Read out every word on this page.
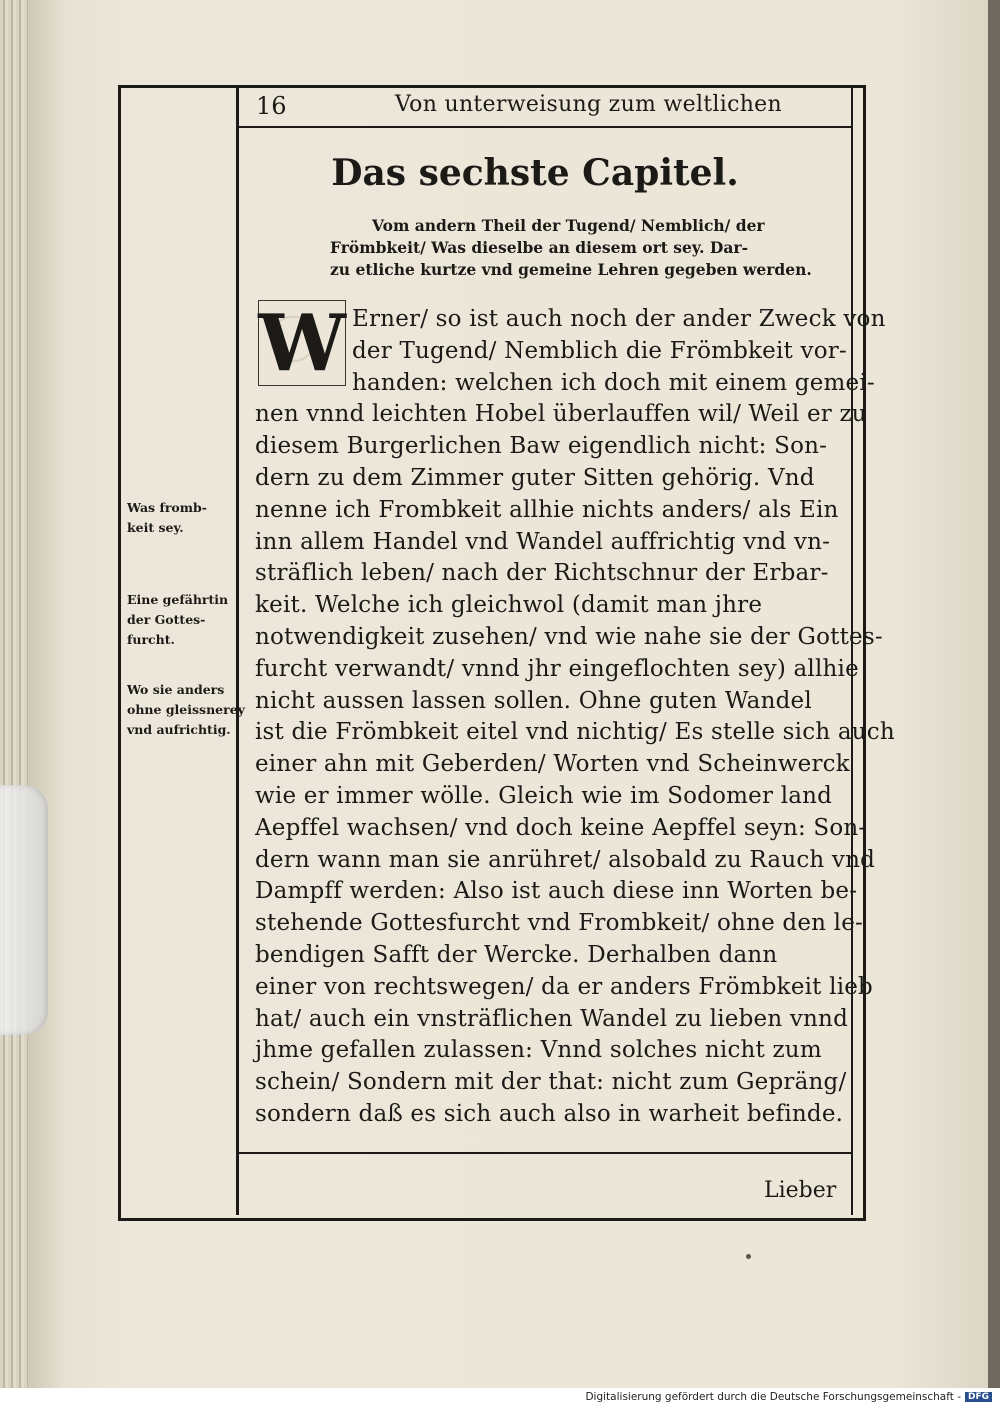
16	Von unterweisung zum weltlichen
Das sechste Capitel.
Vom andern Theil der Tugend/ Nemblich/ der
Frömbkeit/ Was dieselbe an diesem ort sey. Dar-
zu etliche kurtze vnd gemeine Lehren gegeben werden.
W Erner/ so ist auch noch der ander Zweck von
der Tugend/ Nemblich die Frömbkeit vor-
handen: welchen ich doch mit einem gemei-
nen vnnd leichten Hobel überlauffen wil/ Weil er zu
diesem Burgerlichen Baw eigendlich nicht: Son-
dern zu dem Zimmer guter Sitten gehörig. Vnd
nenne ich Frombkeit allhie nichts anders/ als Ein
inn allem Handel vnd Wandel auffrichtig vnd vn-
sträflich leben/ nach der Richtschnur der Erbar-
keit. Welche ich gleichwol (damit man jhre
notwendigkeit zusehen/ vnd wie nahe sie der Gottes-
furcht verwandt/ vnnd jhr eingeflochten sey) allhie
nicht aussen lassen sollen. Ohne guten Wandel
ist die Frömbkeit eitel vnd nichtig/ Es stelle sich auch
einer ahn mit Geberden/ Worten vnd Scheinwerck
wie er immer wölle. Gleich wie im Sodomer land
Aepffel wachsen/ vnd doch keine Aepffel seyn: Son-
dern wann man sie anrühret/ alsobald zu Rauch vnd
Dampff werden: Also ist auch diese inn Worten be-
stehende Gottesfurcht vnd Frombkeit/ ohne den le-
bendigen Safft der Wercke. Derhalben dann
einer von rechtswegen/ da er anders Frömbkeit lieb
hat/ auch ein vnsträflichen Wandel zu lieben vnnd
jhme gefallen zulassen: Vnnd solches nicht zum
schein/ Sondern mit der that: nicht zum Gepräng/
sondern daß es sich auch also in warheit befinde.
Was fromb-
keit sey.
Eine gefährtin
der Gottes-
furcht.
Wo sie anders
ohne gleissnerey
vnd aufrichtig.
Lieber
Digitalisierung gefördert durch die Deutsche Forschungsgemeinschaft - DFG
